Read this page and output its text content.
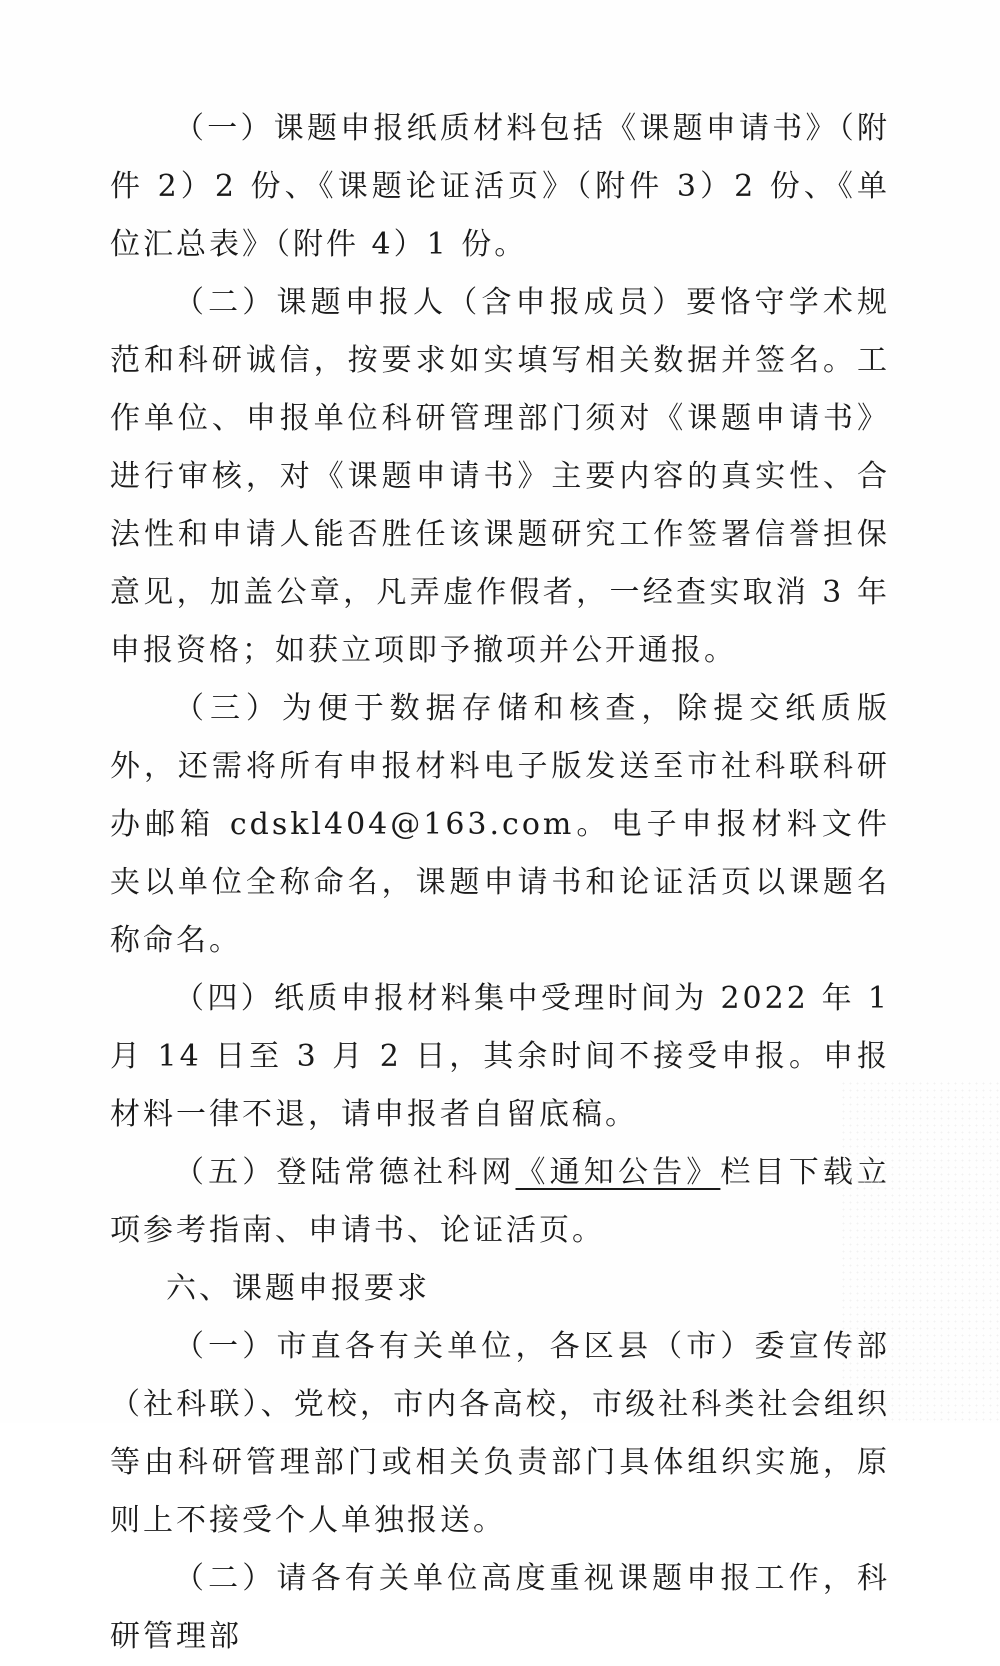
（一）课题申报纸质材料包括《课题申请书》（附件 2）2 份、《课题论证活页》（附件 3）2 份、《单位汇总表》（附件 4）1 份。

（二）课题申报人（含申报成员）要恪守学术规范和科研诚信，按要求如实填写相关数据并签名。工作单位、申报单位科研管理部门须对《课题申请书》进行审核，对《课题申请书》主要内容的真实性、合法性和申请人能否胜任该课题研究工作签署信誉担保意见，加盖公章，凡弄虚作假者，一经查实取消 3 年申报资格；如获立项即予撤项并公开通报。

（三）为便于数据存储和核查，除提交纸质版外，还需将所有申报材料电子版发送至市社科联科研办邮箱 cdskl404@163.com。电子申报材料文件夹以单位全称命名，课题申请书和论证活页以课题名称命名。

（四）纸质申报材料集中受理时间为 2022 年 1 月 14 日至 3 月 2 日，其余时间不接受申报。申报材料一律不退，请申报者自留底稿。

（五）登陆常德社科网《通知公告》栏目下载立项参考指南、申请书、论证活页。

六、课题申报要求

（一）市直各有关单位，各区县（市）委宣传部（社科联）、党校，市内各高校，市级社科类社会组织等由科研管理部门或相关负责部门具体组织实施，原则上不接受个人单独报送。

（二）请各有关单位高度重视课题申报工作，科研管理部
